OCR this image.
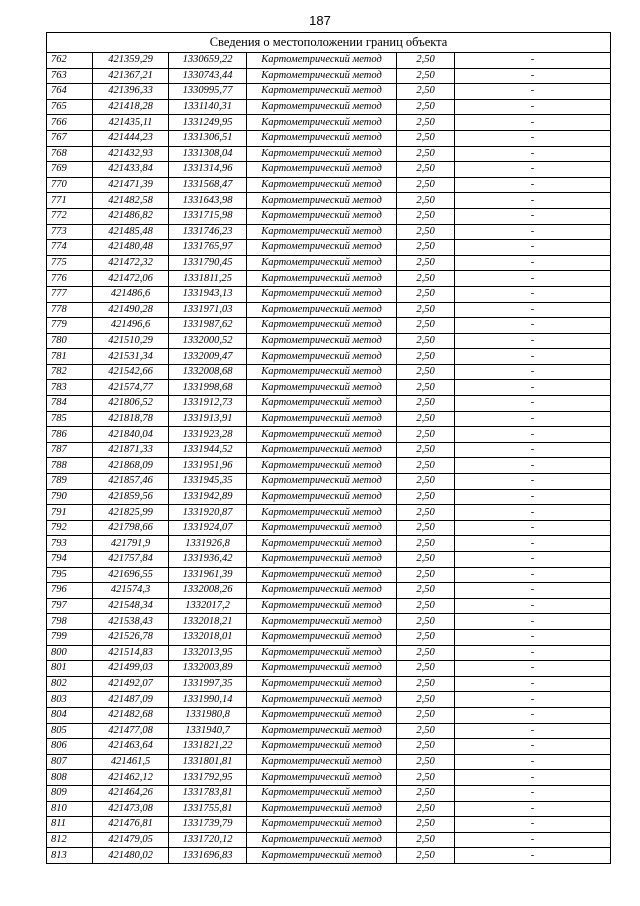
187
Сведения о местоположении границ объекта					
762	421359,29	1330659,22	Картометрический метод	2,50	-
763	421367,21	1330743,44	Картометрический метод	2,50	-
764	421396,33	1330995,77	Картометрический метод	2,50	-
765	421418,28	1331140,31	Картометрический метод	2,50	-
766	421435,11	1331249,95	Картометрический метод	2,50	-
767	421444,23	1331306,51	Картометрический метод	2,50	-
768	421432,93	1331308,04	Картометрический метод	2,50	-
769	421433,84	1331314,96	Картометрический метод	2,50	-
770	421471,39	1331568,47	Картометрический метод	2,50	-
771	421482,58	1331643,98	Картометрический метод	2,50	-
772	421486,82	1331715,98	Картометрический метод	2,50	-
773	421485,48	1331746,23	Картометрический метод	2,50	-
774	421480,48	1331765,97	Картометрический метод	2,50	-
775	421472,32	1331790,45	Картометрический метод	2,50	-
776	421472,06	1331811,25	Картометрический метод	2,50	-
777	421486,6	1331943,13	Картометрический метод	2,50	-
778	421490,28	1331971,03	Картометрический метод	2,50	-
779	421496,6	1331987,62	Картометрический метод	2,50	-
780	421510,29	1332000,52	Картометрический метод	2,50	-
781	421531,34	1332009,47	Картометрический метод	2,50	-
782	421542,66	1332008,68	Картометрический метод	2,50	-
783	421574,77	1331998,68	Картометрический метод	2,50	-
784	421806,52	1331912,73	Картометрический метод	2,50	-
785	421818,78	1331913,91	Картометрический метод	2,50	-
786	421840,04	1331923,28	Картометрический метод	2,50	-
787	421871,33	1331944,52	Картометрический метод	2,50	-
788	421868,09	1331951,96	Картометрический метод	2,50	-
789	421857,46	1331945,35	Картометрический метод	2,50	-
790	421859,56	1331942,89	Картометрический метод	2,50	-
791	421825,99	1331920,87	Картометрический метод	2,50	-
792	421798,66	1331924,07	Картометрический метод	2,50	-
793	421791,9	1331926,8	Картометрический метод	2,50	-
794	421757,84	1331936,42	Картометрический метод	2,50	-
795	421696,55	1331961,39	Картометрический метод	2,50	-
796	421574,3	1332008,26	Картометрический метод	2,50	-
797	421548,34	1332017,2	Картометрический метод	2,50	-
798	421538,43	1332018,21	Картометрический метод	2,50	-
799	421526,78	1332018,01	Картометрический метод	2,50	-
800	421514,83	1332013,95	Картометрический метод	2,50	-
801	421499,03	1332003,89	Картометрический метод	2,50	-
802	421492,07	1331997,35	Картометрический метод	2,50	-
803	421487,09	1331990,14	Картометрический метод	2,50	-
804	421482,68	1331980,8	Картометрический метод	2,50	-
805	421477,08	1331940,7	Картометрический метод	2,50	-
806	421463,64	1331821,22	Картометрический метод	2,50	-
807	421461,5	1331801,81	Картометрический метод	2,50	-
808	421462,12	1331792,95	Картометрический метод	2,50	-
809	421464,26	1331783,81	Картометрический метод	2,50	-
810	421473,08	1331755,81	Картометрический метод	2,50	-
811	421476,81	1331739,79	Картометрический метод	2,50	-
812	421479,05	1331720,12	Картометрический метод	2,50	-
813	421480,02	1331696,83	Картометрический метод	2,50	-
